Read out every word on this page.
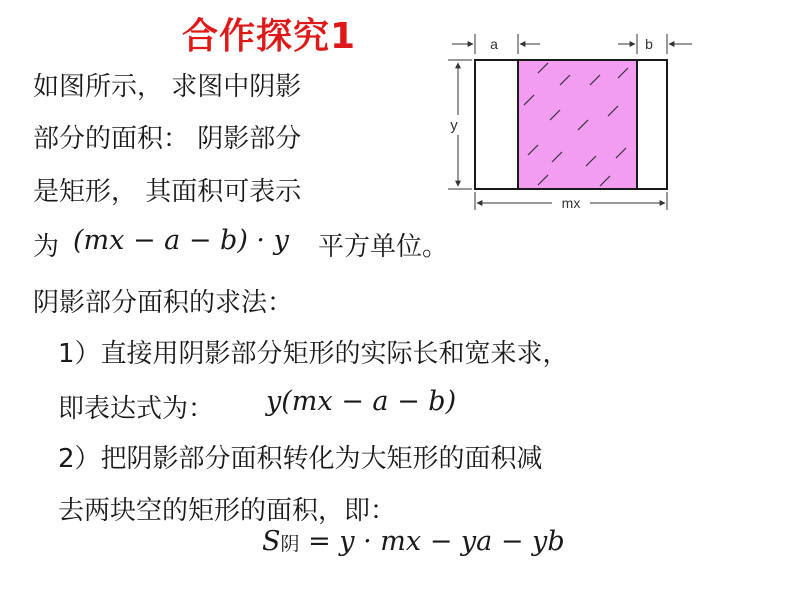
合作探究1
如图所示， 求图中阴影
部分的面积： 阴影部分
是矩形， 其面积可表示
为 (mx − a − b) · y 平方单位。
阴影部分面积的求法：
1）直接用阴影部分矩形的实际长和宽来求，
即表达式为： y(mx − a − b)
2）把阴影部分面积转化为大矩形的面积减
去两块空的矩形的面积，即：
S阴 = y · mx − ya − yb
a	b
y
mx
